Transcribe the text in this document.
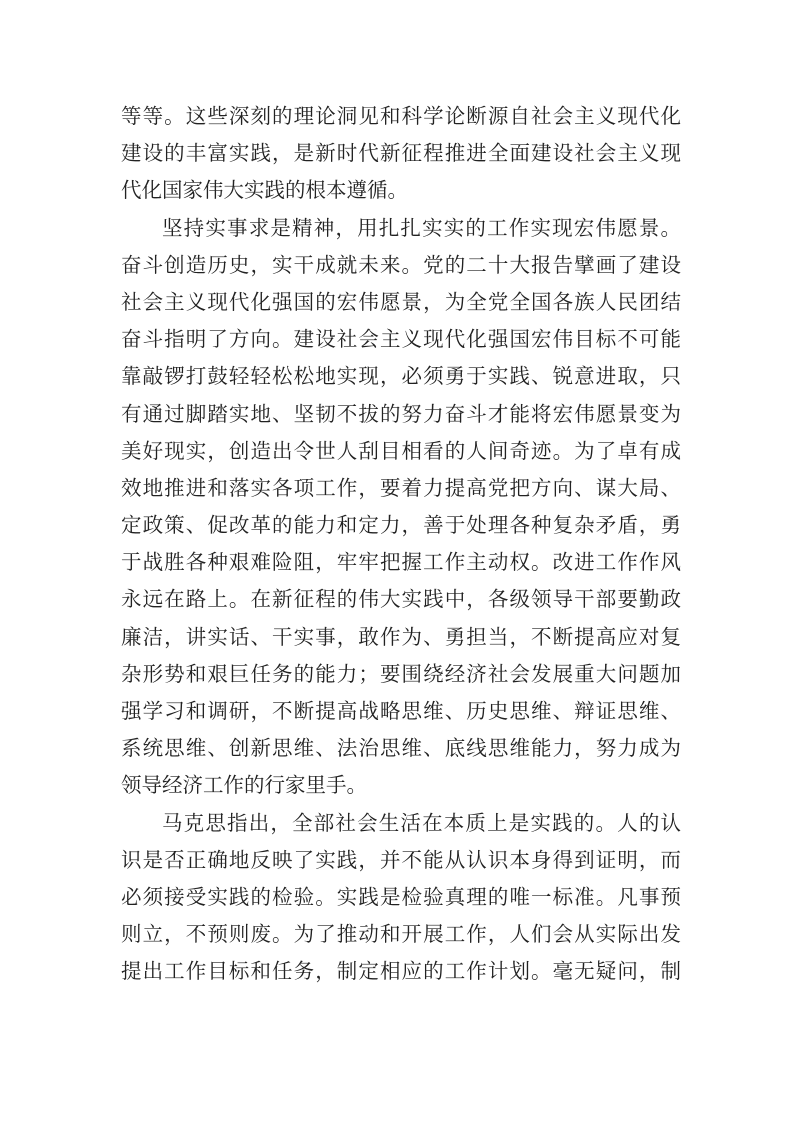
等等。这些深刻的理论洞见和科学论断源自社会主义现代化
建设的丰富实践，是新时代新征程推进全面建设社会主义现
代化国家伟大实践的根本遵循。
坚持实事求是精神，用扎扎实实的工作实现宏伟愿景。
奋斗创造历史，实干成就未来。党的二十大报告擘画了建设
社会主义现代化强国的宏伟愿景，为全党全国各族人民团结
奋斗指明了方向。建设社会主义现代化强国宏伟目标不可能
靠敲锣打鼓轻轻松松地实现，必须勇于实践、锐意进取，只
有通过脚踏实地、坚韧不拔的努力奋斗才能将宏伟愿景变为
美好现实，创造出令世人刮目相看的人间奇迹。为了卓有成
效地推进和落实各项工作，要着力提高党把方向、谋大局、
定政策、促改革的能力和定力，善于处理各种复杂矛盾，勇
于战胜各种艰难险阻，牢牢把握工作主动权。改进工作作风
永远在路上。在新征程的伟大实践中，各级领导干部要勤政
廉洁，讲实话、干实事，敢作为、勇担当，不断提高应对复
杂形势和艰巨任务的能力；要围绕经济社会发展重大问题加
强学习和调研，不断提高战略思维、历史思维、辩证思维、
系统思维、创新思维、法治思维、底线思维能力，努力成为
领导经济工作的行家里手。
马克思指出，全部社会生活在本质上是实践的。人的认
识是否正确地反映了实践，并不能从认识本身得到证明，而
必须接受实践的检验。实践是检验真理的唯一标准。凡事预
则立，不预则废。为了推动和开展工作，人们会从实际出发
提出工作目标和任务，制定相应的工作计划。毫无疑问，制
